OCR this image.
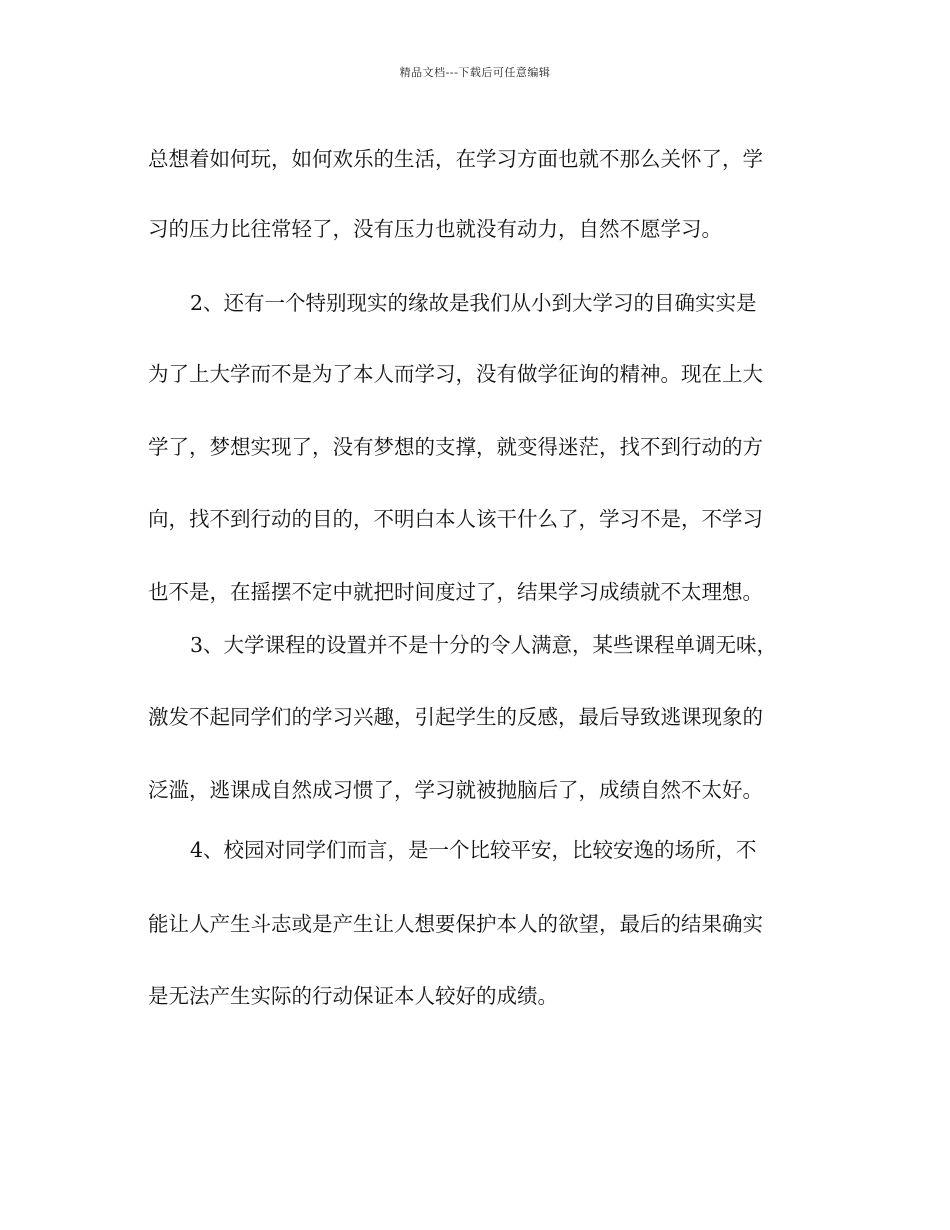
精品文档---下载后可任意编辑
总想着如何玩，如何欢乐的生活，在学习方面也就不那么关怀了，学
习的压力比往常轻了，没有压力也就没有动力，自然不愿学习。
2、还有一个特别现实的缘故是我们从小到大学习的目确实实是
为了上大学而不是为了本人而学习，没有做学征询的精神。现在上大
学了，梦想实现了，没有梦想的支撑，就变得迷茫，找不到行动的方
向，找不到行动的目的，不明白本人该干什么了，学习不是，不学习
也不是，在摇摆不定中就把时间度过了，结果学习成绩就不太理想。
3、大学课程的设置并不是十分的令人满意，某些课程单调无味，
激发不起同学们的学习兴趣，引起学生的反感，最后导致逃课现象的
泛滥，逃课成自然成习惯了，学习就被抛脑后了，成绩自然不太好。
4、校园对同学们而言，是一个比较平安，比较安逸的场所，不
能让人产生斗志或是产生让人想要保护本人的欲望，最后的结果确实
是无法产生实际的行动保证本人较好的成绩。
